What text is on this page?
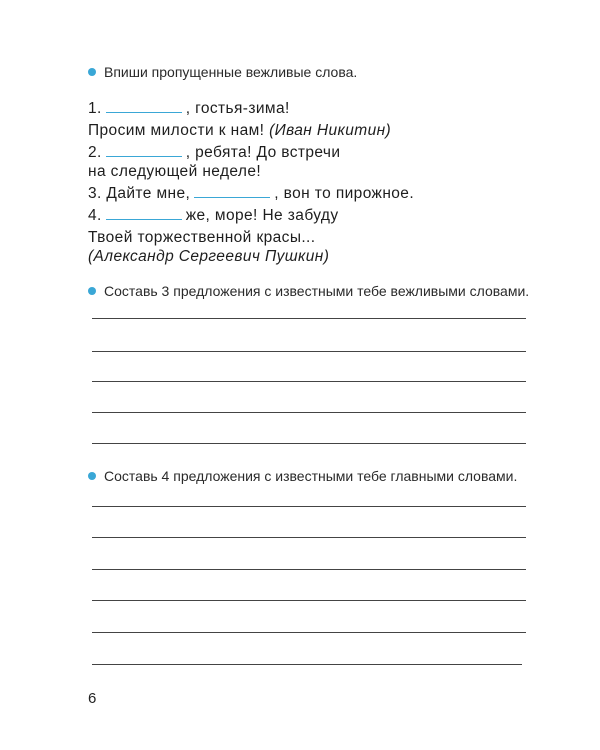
Впиши пропущенные вежливые слова.
1.	, гостья-зима!
Просим милости к нам! (Иван Никитин)
2.	, ребята! До встречи
на следующей неделе!
3. Дайте мне,	, вон то пирожное.
4.	же, море! Не забуду
Твоей торжественной красы...
(Александр Сергеевич Пушкин)
Составь 3 предложения с известными тебе вежливыми словами.
Составь 4 предложения с известными тебе главными словами.
6
